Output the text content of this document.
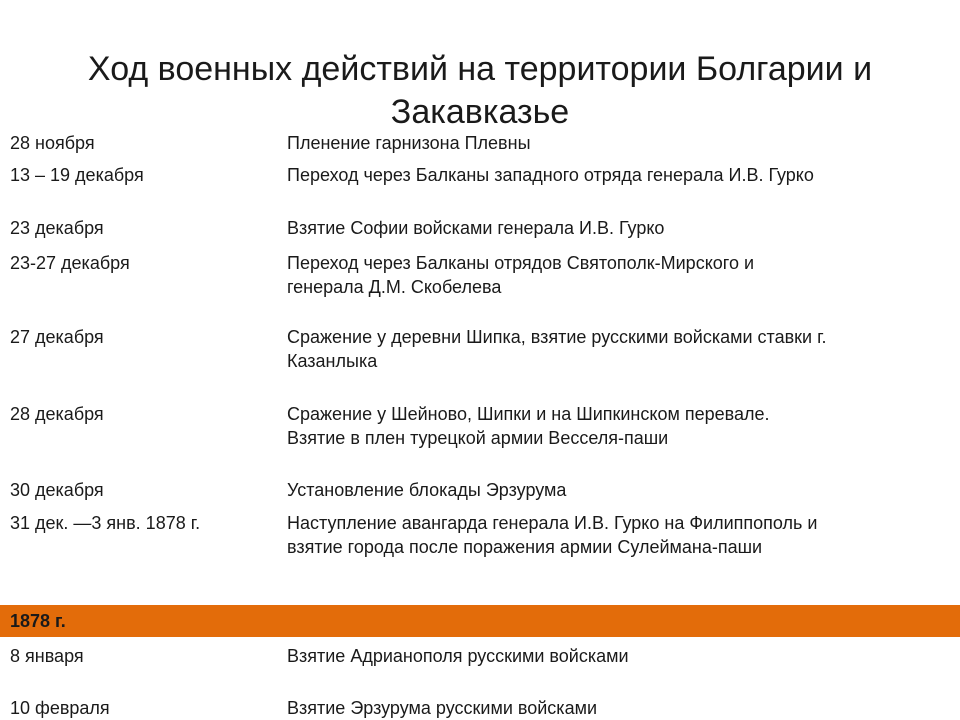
Ход военных действий на территории Болгарии и
Закавказье
28 ноября	Пленение гарнизона Плевны
13 – 19 декабря	Переход через Балканы западного отряда генерала И.В. Гурко
23 декабря	Взятие Софии войсками генерала И.В. Гурко
23-27 декабря	Переход через Балканы отрядов Святополк-Мирского и
генерала Д.М. Скобелева
27 декабря	Сражение у деревни Шипка, взятие русскими войсками ставки г.
Казанлыка
28 декабря	Сражение у Шейново, Шипки и на Шипкинском перевале.
Взятие в плен турецкой армии Весселя-паши
30 декабря	Установление блокады Эрзурума
31 дек. —3 янв. 1878 г.	Наступление авангарда генерала И.В. Гурко на Филиппополь и
взятие города после поражения армии Сулеймана-паши
1878 г.
8 января	Взятие Адрианополя русскими войсками
10 февраля	Взятие Эрзурума русскими войсками
